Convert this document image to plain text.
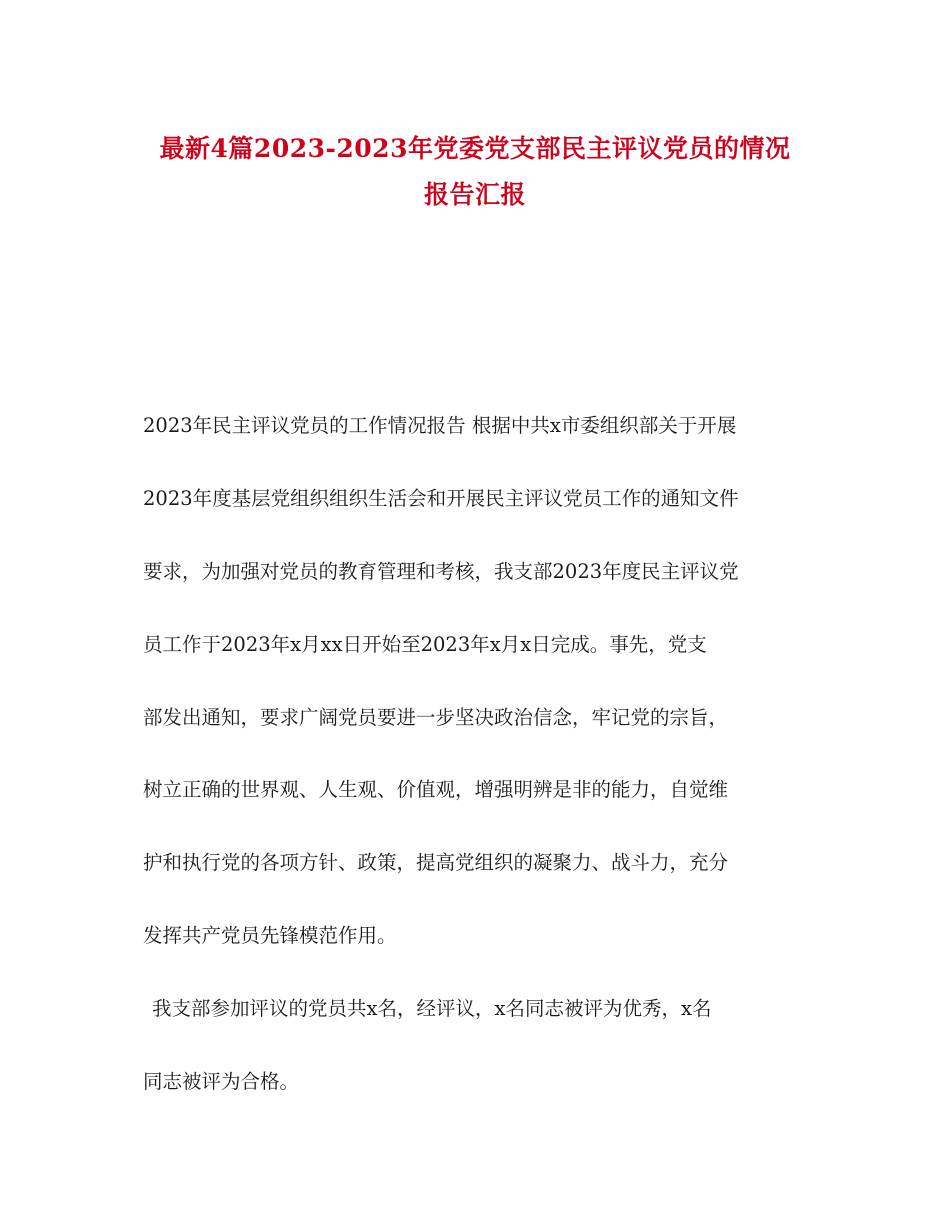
最新4篇2023-2023年党委党支部民主评议党员的情况
报告汇报
2023年民主评议党员的工作情况报告 根据中共x市委组织部关于开展
2023年度基层党组织组织生活会和开展民主评议党员工作的通知文件
要求，为加强对党员的教育管理和考核，我支部2023年度民主评议党
员工作于2023年x月xx日开始至2023年x月x日完成。事先，党支
部发出通知，要求广阔党员要进一步坚决政治信念，牢记党的宗旨，
树立正确的世界观、人生观、价值观，增强明辨是非的能力，自觉维
护和执行党的各项方针、政策，提高党组织的凝聚力、战斗力，充分
发挥共产党员先锋模范作用。
我支部参加评议的党员共x名，经评议，x名同志被评为优秀，x名
同志被评为合格。
